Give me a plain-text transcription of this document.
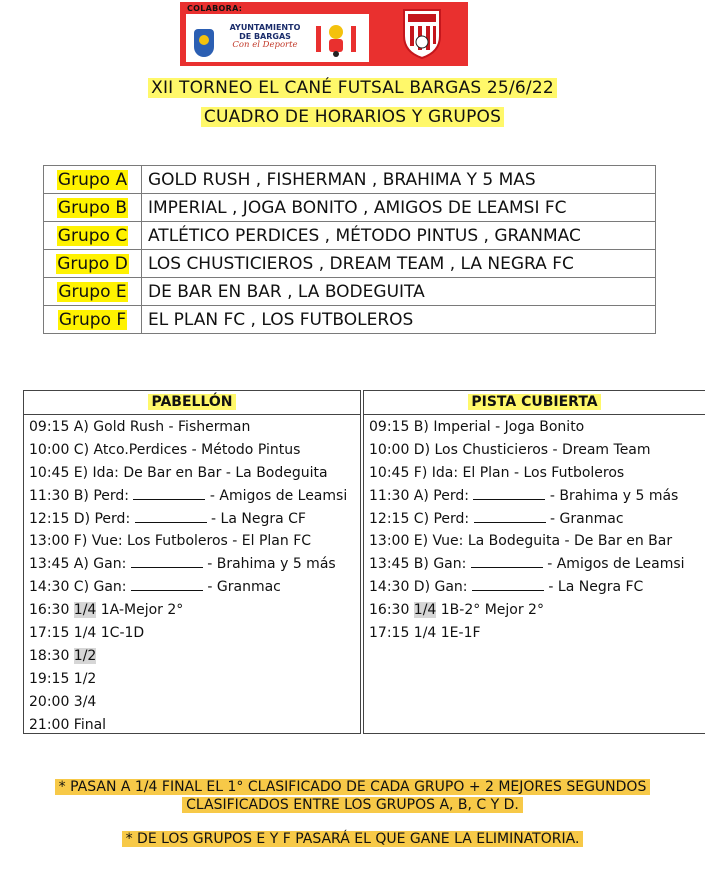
COLABORA:
AYUNTAMIENTO
DE BARGAS
Con el Deporte
XII TORNEO EL CANÉ FUTSAL BARGAS 25/6/22
CUADRO DE HORARIOS Y GRUPOS
Grupo A	GOLD RUSH , FISHERMAN , BRAHIMA Y 5 MAS
Grupo B	IMPERIAL , JOGA BONITO , AMIGOS DE LEAMSI FC
Grupo C	ATLÉTICO PERDICES , MÉTODO PINTUS , GRANMAC
Grupo D	LOS CHUSTICIEROS , DREAM TEAM , LA NEGRA FC
Grupo E	DE BAR EN BAR , LA BODEGUITA
Grupo F	EL PLAN FC , LOS FUTBOLEROS
PABELLÓN
09:15 A) Gold Rush - Fisherman
10:00 C) Atco.Perdices - Método Pintus
10:45 E) Ida: De Bar en Bar - La Bodeguita
11:30 B) Perd:	- Amigos de Leamsi
12:15 D) Perd:	- La Negra CF
13:00 F) Vue: Los Futboleros - El Plan FC
13:45 A) Gan:	- Brahima y 5 más
14:30 C) Gan:	- Granmac
16:30 1/4 1A-Mejor 2°
17:15 1/4 1C-1D
18:30 1/2
19:15 1/2
20:00 3/4
21:00 Final
PISTA CUBIERTA
09:15 B) Imperial - Joga Bonito
10:00 D) Los Chusticieros - Dream Team
10:45 F) Ida: El Plan - Los Futboleros
11:30 A) Perd:	- Brahima y 5 más
12:15 C) Perd:	- Granmac
13:00 E) Vue: La Bodeguita - De Bar en Bar
13:45 B) Gan:	- Amigos de Leamsi
14:30 D) Gan:	- La Negra FC
16:30 1/4 1B-2° Mejor 2°
17:15 1/4 1E-1F
* PASAN A 1/4 FINAL EL 1° CLASIFICADO DE CADA GRUPO + 2 MEJORES SEGUNDOS
CLASIFICADOS ENTRE LOS GRUPOS A, B, C Y D.
* DE LOS GRUPOS E Y F PASARÁ EL QUE GANE LA ELIMINATORIA.
